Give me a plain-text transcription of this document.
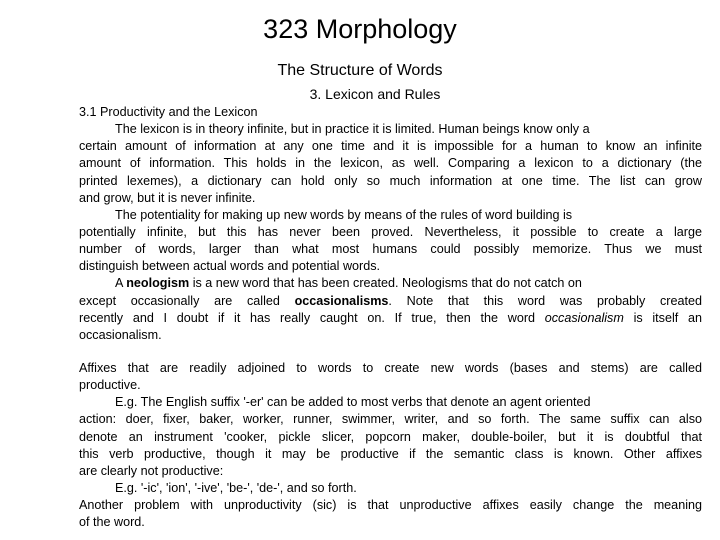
323 Morphology
The Structure of Words
3. Lexicon and Rules
3.1 Productivity and the Lexicon
The lexicon is in theory infinite, but in practice it is limited. Human beings know only a
certain amount of information at any one time and it is impossible for a human to know an infinite
amount of information. This holds in the lexicon, as well. Comparing a lexicon to a dictionary (the
printed lexemes), a dictionary can hold only so much information at one time. The list can grow
and grow, but it is never infinite.
The potentiality for making up new words by means of the rules of word building is
potentially infinite, but this has never been proved. Nevertheless, it possible to create a large
number of words, larger than what most humans could possibly memorize. Thus we must
distinguish between actual words and potential words.
A neologism is a new word that has been created. Neologisms that do not catch on
except occasionally are called occasionalisms. Note that this word was probably created
recently and I doubt if it has really caught on. If true, then the word occasionalism is itself an
occasionalism.
Affixes that are readily adjoined to words to create new words (bases and stems) are called
productive.
E.g. The English suffix '-er' can be added to most verbs that denote an agent oriented
action: doer, fixer, baker, worker, runner, swimmer, writer, and so forth. The same suffix can also
denote an instrument 'cooker, pickle slicer, popcorn maker, double-boiler, but it is doubtful that
this verb productive, though it may be productive if the semantic class is known. Other affixes
are clearly not productive:
E.g. '-ic', 'ion', '-ive', 'be-', 'de-', and so forth.
Another problem with unproductivity (sic) is that unproductive affixes easily change the meaning
of the word.
